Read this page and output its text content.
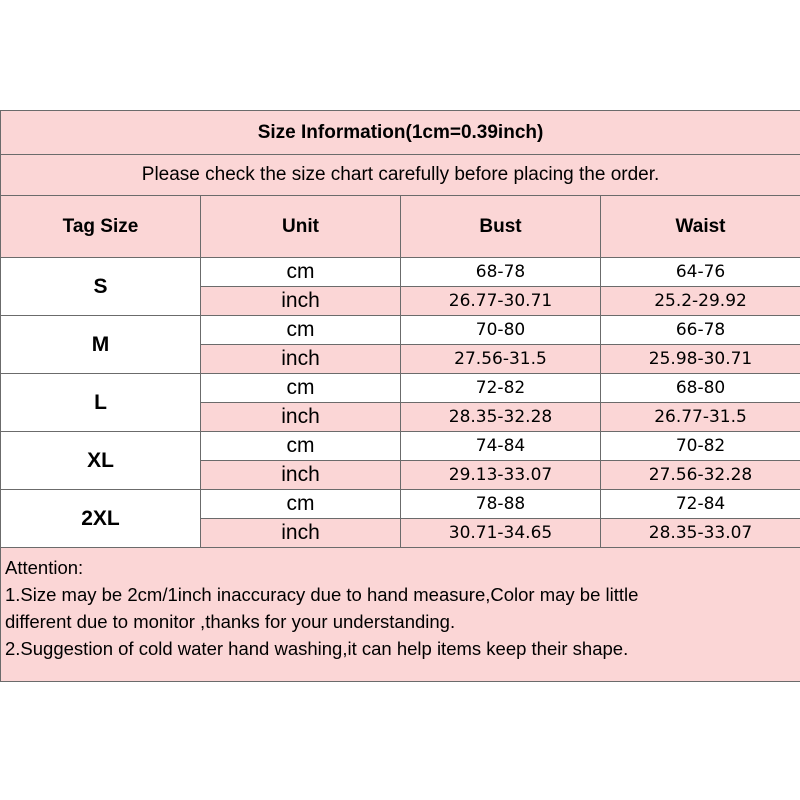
Size Information(1cm=0.39inch)			
Please check the size chart carefully before placing the order.			
Tag Size	Unit	Bust	Waist
S	cm	68-78	64-76
	inch	26.77-30.71	25.2-29.92
M	cm	70-80	66-78
	inch	27.56-31.5	25.98-30.71
L	cm	72-82	68-80
	inch	28.35-32.28	26.77-31.5
XL	cm	74-84	70-82
	inch	29.13-33.07	27.56-32.28
2XL	cm	78-88	72-84
	inch	30.71-34.65	28.35-33.07

Attention:
1.Size may be 2cm/1inch inaccuracy due to hand measure,Color may be little
different due to monitor ,thanks for your understanding.
2.Suggestion of cold water hand washing,it can help items keep their shape.			
